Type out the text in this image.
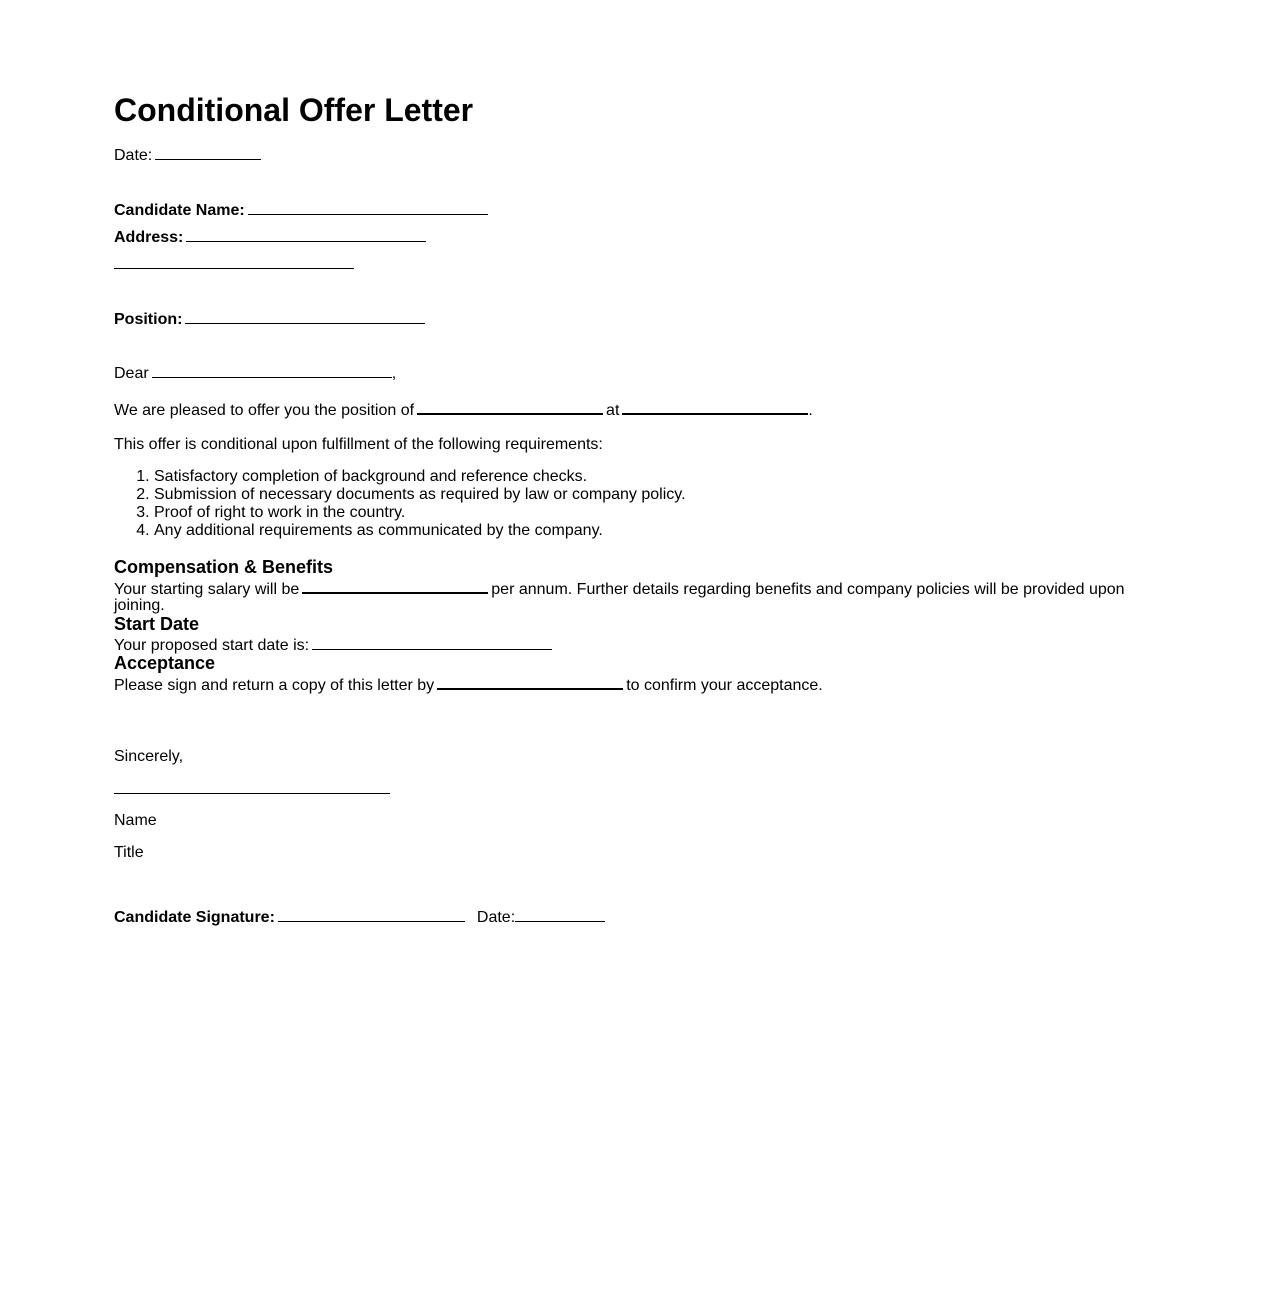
Conditional Offer Letter
Date:
Candidate Name:
Address:
Position:
Dear	,
We are pleased to offer you the position of	at	.
This offer is conditional upon fulfillment of the following requirements:
1. Satisfactory completion of background and reference checks.
2. Submission of necessary documents as required by law or company policy.
3. Proof of right to work in the country.
4. Any additional requirements as communicated by the company.
Compensation & Benefits
Your starting salary will be	per annum. Further details regarding benefits and company policies will be provided upon
joining.
Start Date
Your proposed start date is:
Acceptance
Please sign and return a copy of this letter by	to confirm your acceptance.
Sincerely,
Name
Title
Candidate Signature:	Date:
